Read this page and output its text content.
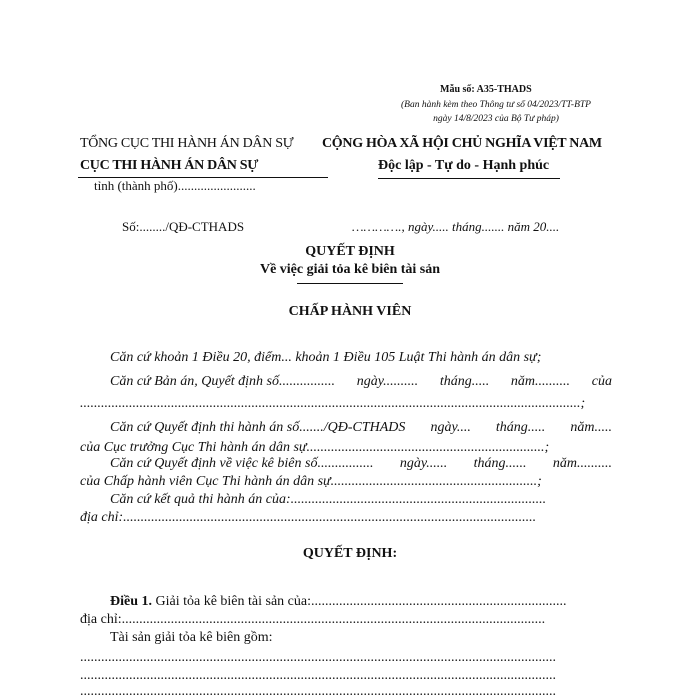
Mẫu số: A35-THADS
(Ban hành kèm theo Thông tư số 04/2023/TT-BTP
ngày 14/8/2023 của Bộ Tư pháp)
TỔNG CỤC THI HÀNH ÁN DÂN SỰ
CỤC THI HÀNH ÁN DÂN SỰ
tỉnh (thành phố)........................
CỘNG HÒA XÃ HỘI CHỦ NGHĨA VIỆT NAM
Độc lập - Tự do - Hạnh phúc
Số:......../QĐ-CTHADS	…………., ngày..... tháng....... năm 20....
QUYẾT ĐỊNH
Về việc giải tỏa kê biên tài sản
CHẤP HÀNH VIÊN
Căn cứ khoản 1 Điều 20, điểm... khoản 1 Điều 105 Luật Thi hành án dân sự;
Căn cứ Bản án, Quyết định số................ ngày.......... tháng..... năm.......... của
...............................................................................................................................................;
Căn cứ Quyết định thi hành án số......./QĐ-CTHADS ngày.... tháng..... năm.....
của Cục trưởng Cục Thi hành án dân sự....................................................................;
Căn cứ Quyết định về việc kê biên số................ ngày...... tháng...... năm..........
của Chấp hành viên Cục Thi hành án dân sự...........................................................;
Căn cứ kết quả thi hành án của:.........................................................................
địa chỉ:......................................................................................................................
QUYẾT ĐỊNH:
Điều 1. Giải tỏa kê biên tài sản của:.........................................................................
địa chỉ:.........................................................................................................................
Tài sản giải tỏa kê biên gồm:
........................................................................................................................................
........................................................................................................................................
........................................................................................................................................
